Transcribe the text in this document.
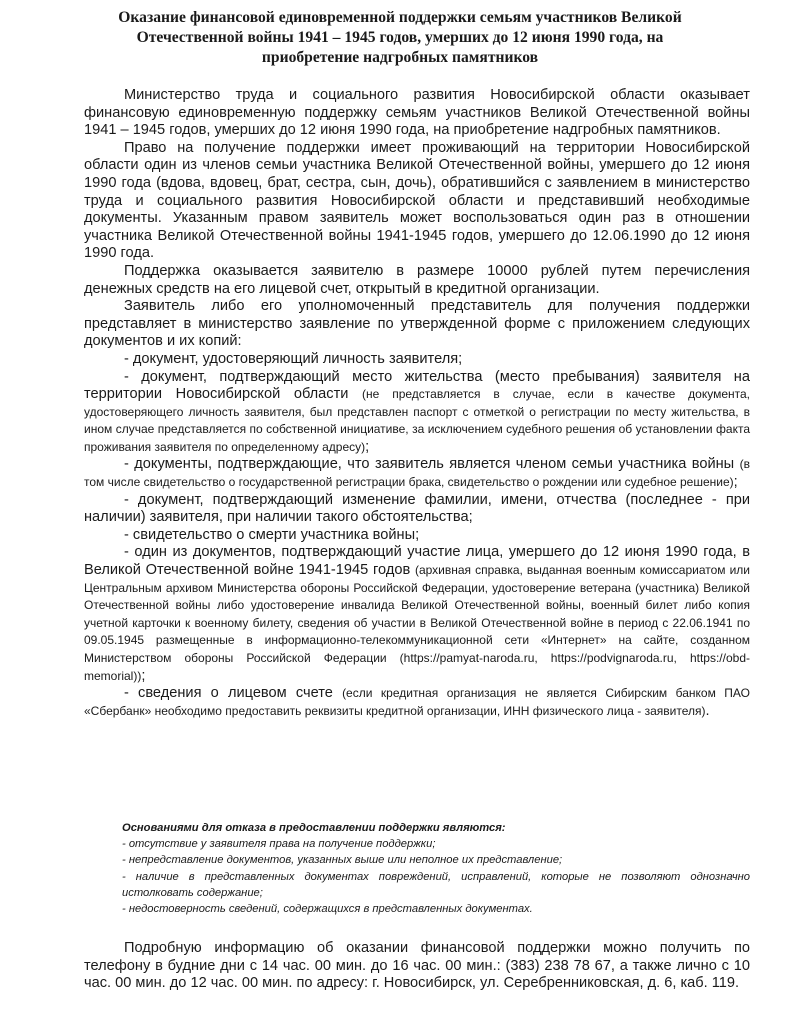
Оказание финансовой единовременной поддержки семьям участников Великой Отечественной войны 1941 – 1945 годов, умерших до 12 июня 1990 года, на приобретение надгробных памятников

Министерство труда и социального развития Новосибирской области оказывает финансовую единовременную поддержку семьям участников Великой Отечественной войны 1941 – 1945 годов, умерших до 12 июня 1990 года, на приобретение надгробных памятников.

Право на получение поддержки имеет проживающий на территории Новосибирской области один из членов семьи участника Великой Отечественной войны, умершего до 12 июня 1990 года (вдова, вдовец, брат, сестра, сын, дочь), обратившийся с заявлением в министерство труда и социального развития Новосибирской области и представивший необходимые документы. Указанным правом заявитель может воспользоваться один раз в отношении участника Великой Отечественной войны 1941-1945 годов, умершего до 12.06.1990 до 12 июня 1990 года.

Поддержка оказывается заявителю в размере 10000 рублей путем перечисления денежных средств на его лицевой счет, открытый в кредитной организации.

Заявитель либо его уполномоченный представитель для получения поддержки представляет в министерство заявление по утвержденной форме с приложением следующих документов и их копий:

- документ, удостоверяющий личность заявителя;

- документ, подтверждающий место жительства (место пребывания) заявителя на территории Новосибирской области (не представляется в случае, если в качестве документа, удостоверяющего личность заявителя, был представлен паспорт с отметкой о регистрации по месту жительства, в ином случае представляется по собственной инициативе, за исключением судебного решения об установлении факта проживания заявителя по определенному адресу);

- документы, подтверждающие, что заявитель является членом семьи участника войны (в том числе свидетельство о государственной регистрации брака, свидетельство о рождении или судебное решение);

- документ, подтверждающий изменение фамилии, имени, отчества (последнее - при наличии) заявителя, при наличии такого обстоятельства;

- свидетельство о смерти участника войны;

- один из документов, подтверждающий участие лица, умершего до 12 июня 1990 года, в Великой Отечественной войне 1941-1945 годов (архивная справка, выданная военным комиссариатом или Центральным архивом Министерства обороны Российской Федерации, удостоверение ветерана (участника) Великой Отечественной войны либо удостоверение инвалида Великой Отечественной войны, военный билет либо копия учетной карточки к военному билету, сведения об участии в Великой Отечественной войне в период с 22.06.1941 по 09.05.1945 размещенные в информационно-телекоммуникационной сети «Интернет» на сайте, созданном Министерством обороны Российской Федерации (https://pamyat-naroda.ru, https://podvignaroda.ru, https://obd-memorial));

- сведения о лицевом счете (если кредитная организация не является Сибирским банком ПАО «Сбербанк» необходимо предоставить реквизиты кредитной организации, ИНН физического лица - заявителя).

Основаниями для отказа в предоставлении поддержки являются:

- отсутствие у заявителя права на получение поддержки;

- непредставление документов, указанных выше или неполное их представление;

- наличие в представленных документах повреждений, исправлений, которые не позволяют однозначно истолковать содержание;

- недостоверность сведений, содержащихся в представленных документах.

Подробную информацию об оказании финансовой поддержки можно получить по телефону в будние дни с 14 час. 00 мин. до 16 час. 00 мин.: (383) 238 78 67, а также лично с 10 час. 00 мин. до 12 час. 00 мин. по адресу: г. Новосибирск, ул. Серебренниковская, д. 6, каб. 119.
